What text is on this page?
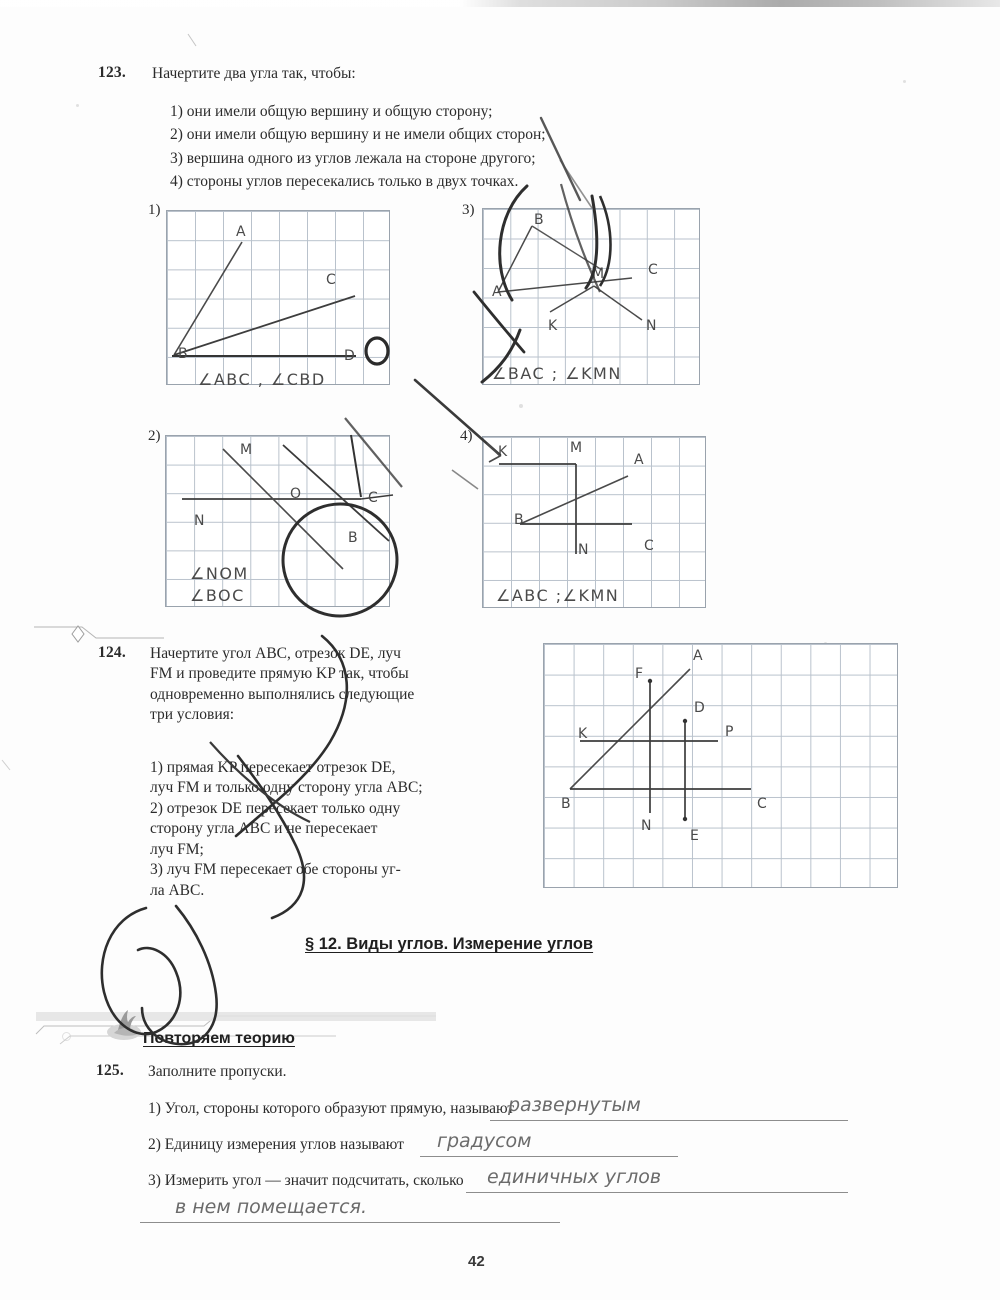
123. Начертите два угла так, чтобы:
1) они имели общую вершину и общую сторону;
2) они имели общую вершину и не имели общих сторон;
3) вершина одного из углов лежала на стороне другого;
4) стороны углов пересекались только в двух точках.
1)
A
C
B	D
∠ABC , ∠CBD
3)
B
M	C
A
K	N
∠BAC ; ∠KMN
2)
M
O	C
N
B
∠NOM
∠BOC
4)
K	M
A
B
N	C
∠ABC ;∠KMN
124. Начертите угол ABC, отрезок DE, луч
FM и проведите прямую KP так, чтобы
одновременно выполнялись следующие
три условия:
1) прямая KP пересекает отрезок DE,
луч FM и только одну сторону угла ABC;
2) отрезок DE пересекает только одну
сторону угла ABC и не пересекает
луч FM;
3) луч FM пересекает обе стороны уг-
ла ABC.
A
F
D
P
K
B
N
E
C
§ 12. Виды углов. Измерение углов
Повторяем теорию
125. Заполните пропуски.
1) Угол, стороны которого образуют прямую, называют
развернутым
2) Единицу измерения углов называют градусом
3) Измерить угол — значит подсчитать, сколько единичных углов
в нем помещается.
42
